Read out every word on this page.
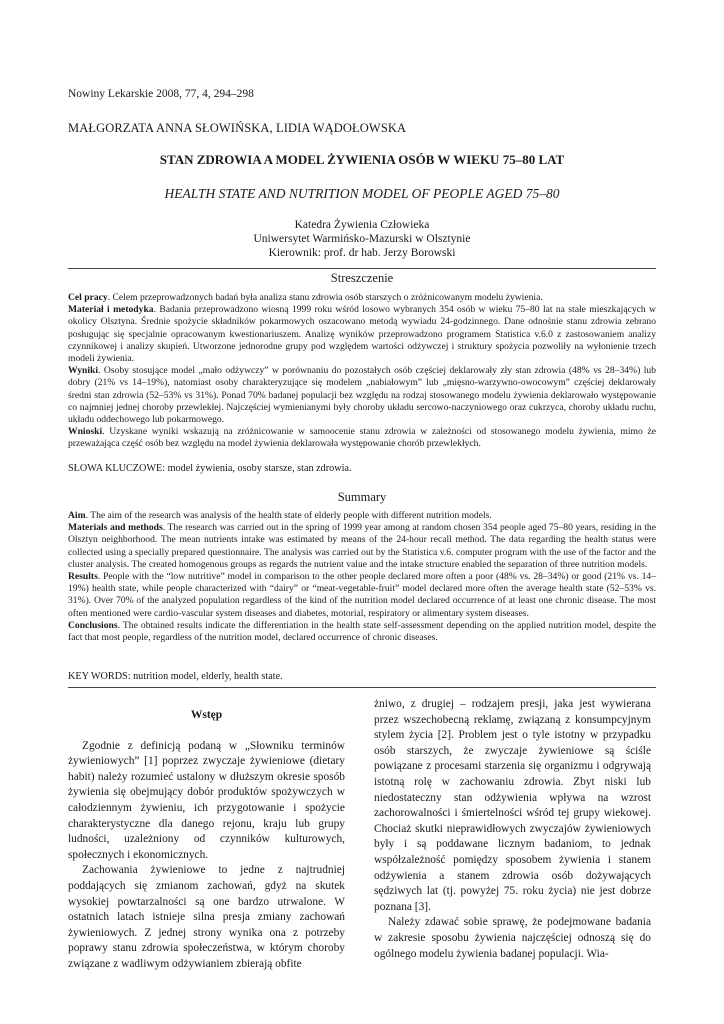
Nowiny Lekarskie 2008, 77, 4, 294–298
MAŁGORZATA ANNA SŁOWIŃSKA, LIDIA WĄDOŁOWSKA
STAN ZDROWIA A MODEL ŻYWIENIA OSÓB W WIEKU 75–80 LAT
HEALTH STATE AND NUTRITION MODEL OF PEOPLE AGED 75–80
Katedra Żywienia Człowieka
Uniwersytet Warmińsko-Mazurski w Olsztynie
Kierownik: prof. dr hab. Jerzy Borowski
Streszczenie

Cel pracy. Celem przeprowadzonych badań była analiza stanu zdrowia osób starszych o zróżnicowanym modelu żywienia.

Materiał i metodyka. Badania przeprowadzono wiosną 1999 roku wśród losowo wybranych 354 osób w wieku 75–80 lat na stałe mieszkających w okolicy Olsztyna. Średnie spożycie składników pokarmowych oszacowano metodą wywiadu 24-godzinnego. Dane odnośnie stanu zdrowia zebrano posługując się specjalnie opracowanym kwestionariuszem. Analizę wyników przeprowadzono programem Statistica v.6.0 z zastosowaniem analizy czynnikowej i analizy skupień. Utworzone jednorodne grupy pod względem wartości odżywczej i struktury spożycia pozwoliły na wyłonienie trzech modeli żywienia.

Wyniki. Osoby stosujące model „mało odżywczy” w porównaniu do pozostałych osób częściej deklarowały zły stan zdrowia (48% vs 28–34%) lub dobry (21% vs 14–19%), natomiast osoby charakteryzujące się modelem „nabiałowym” lub „mięsno-warzywno-owocowym” częściej deklarowały średni stan zdrowia (52–53% vs 31%). Ponad 70% badanej populacji bez względu na rodzaj stosowanego modelu żywienia deklarowało występowanie co najmniej jednej choroby przewlekłej. Najczęściej wymienianymi były choroby układu sercowo-naczyniowego oraz cukrzyca, choroby układu ruchu, układu oddechowego lub pokarmowego.

Wnioski. Uzyskane wyniki wskazują na zróżnicowanie w samoocenie stanu zdrowia w zależności od stosowanego modelu żywienia, mimo że przeważająca część osób bez względu na model żywienia deklarowała występowanie chorób przewlekłych.

SŁOWA KLUCZOWE: model żywienia, osoby starsze, stan zdrowia.
Summary

Aim. The aim of the research was analysis of the health state of elderly people with different nutrition models.

Materials and methods. The research was carried out in the spring of 1999 year among at random chosen 354 people aged 75–80 years, residing in the Olsztyn neighborhood. The mean nutrients intake was estimated by means of the 24-hour recall method. The data regarding the health status were collected using a specially prepared questionnaire. The analysis was carried out by the Statistica v.6. computer program with the use of the factor and the cluster analysis. The created homogenous groups as regards the nutrient value and the intake structure enabled the separation of three nutrition models.

Results. People with the “low nutritive” model in comparison to the other people declared more often a poor (48% vs. 28–34%) or good (21% vs. 14–19%) health state, while people characterized with “dairy” or “meat-vegetable-fruit” model declared more often the average health state (52–53% vs. 31%). Over 70% of the analyzed population regardless of the kind of the nutrition model declared occurrence of at least one chronic disease. The most often mentioned were cardio-vascular system diseases and diabetes, motorial, respiratory or alimentary system diseases.

Conclusions. The obtained results indicate the differentiation in the health state self-assessment depending on the applied nutrition model, despite the fact that most people, regardless of the nutrition model, declared occurrence of chronic diseases.

KEY WORDS: nutrition model, elderly, health state.
Wstęp

Zgodnie z definicją podaną w „Słowniku terminów żywieniowych” [1] poprzez zwyczaje żywieniowe (dietary habit) należy rozumieć ustalony w dłuższym okresie sposób żywienia się obejmujący dobór produktów spożywczych w całodziennym żywieniu, ich przygotowanie i spożycie charakterystyczne dla danego rejonu, kraju lub grupy ludności, uzależniony od czynników kulturowych, społecznych i ekonomicznych.

Zachowania żywieniowe to jedne z najtrudniej poddających się zmianom zachowań, gdyż na skutek wysokiej powtarzalności są one bardzo utrwalone. W ostatnich latach istnieje silna presja zmiany zachowań żywieniowych. Z jednej strony wynika ona z potrzeby poprawy stanu zdrowia społeczeństwa, w którym choroby związane z wadliwym odżywianiem zbierają obfite

żniwo, z drugiej – rodzajem presji, jaka jest wywierana przez wszechobecną reklamę, związaną z konsumpcyjnym stylem życia [2]. Problem jest o tyle istotny w przypadku osób starszych, że zwyczaje żywieniowe są ściśle powiązane z procesami starzenia się organizmu i odgrywają istotną rolę w zachowaniu zdrowia. Zbyt niski lub niedostateczny stan odżywienia wpływa na wzrost zachorowalności i śmiertelności wśród tej grupy wiekowej. Chociaż skutki nieprawidłowych zwyczajów żywieniowych były i są poddawane licznym badaniom, to jednak współzależność pomiędzy sposobem żywienia i stanem odżywienia a stanem zdrowia osób dożywających sędziwych lat (tj. powyżej 75. roku życia) nie jest dobrze poznana [3].

Należy zdawać sobie sprawę, że podejmowane badania w zakresie sposobu żywienia najczęściej odnoszą się do ogólnego modelu żywienia badanej populacji. Wia-
